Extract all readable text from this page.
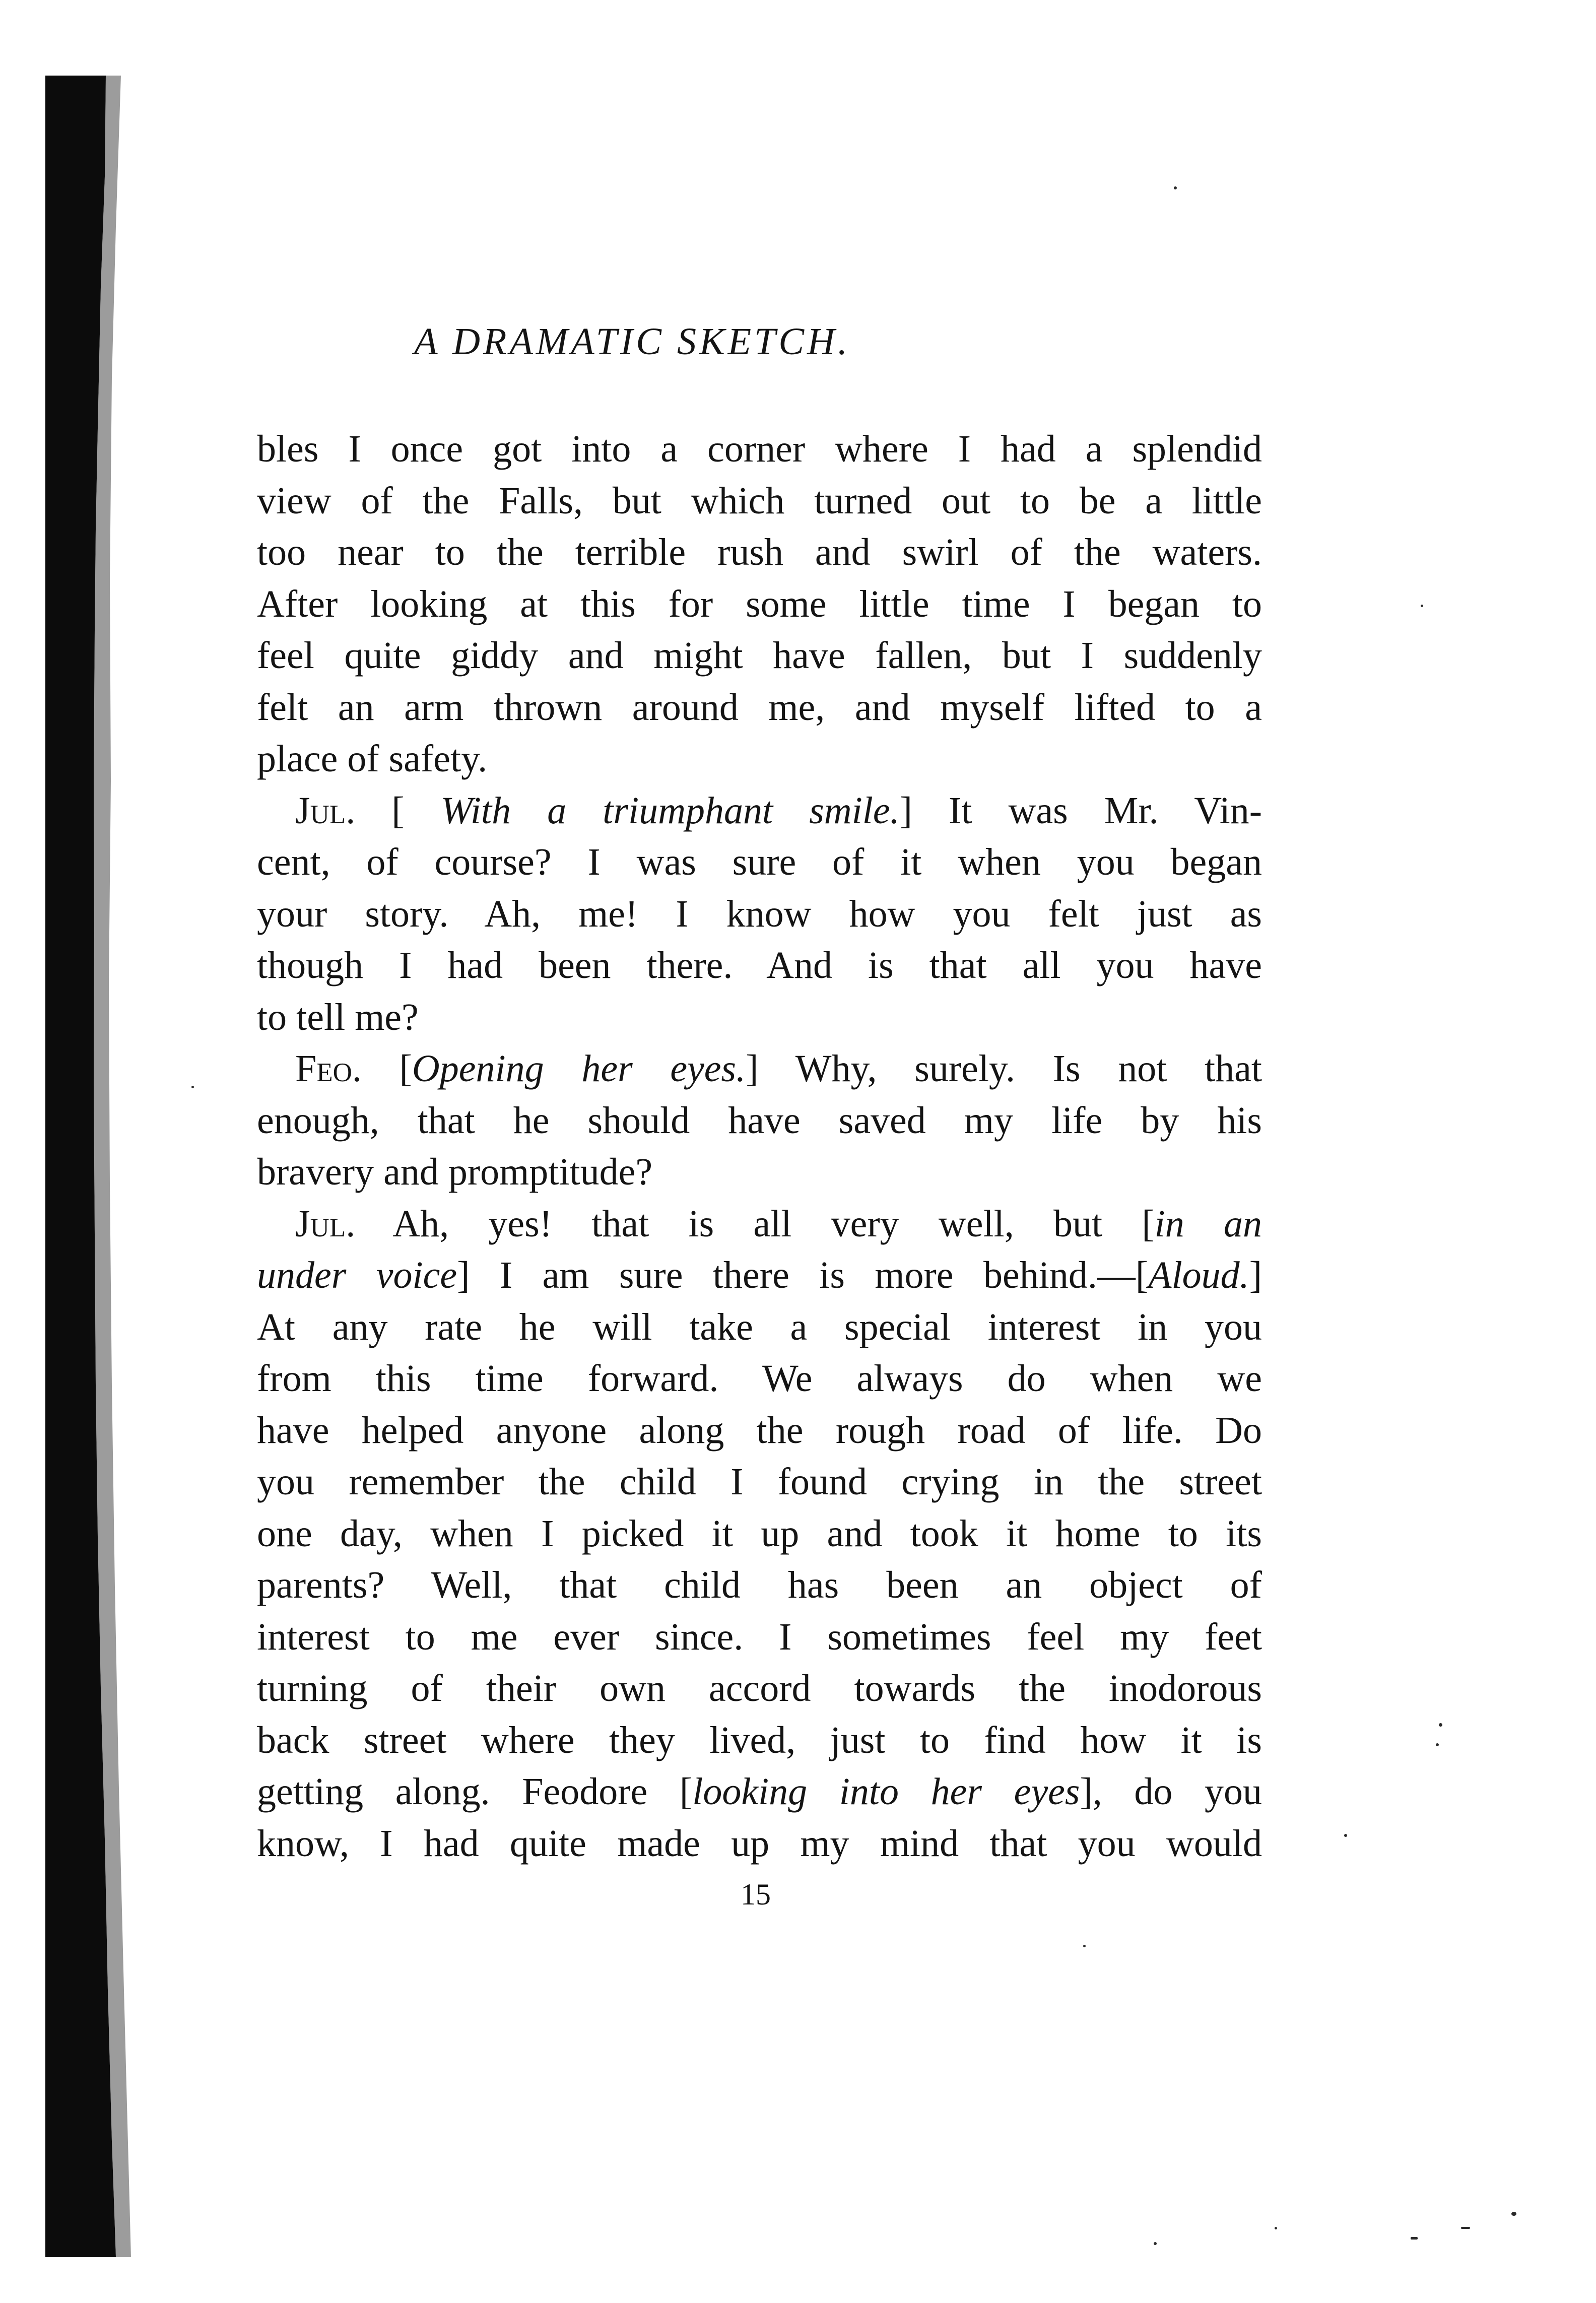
A DRAMATIC SKETCH.
bles I once got into a corner where I had a splendid
view of the Falls, but which turned out to be a little
too near to the terrible rush and swirl of the waters.
After looking at this for some little time I began to
feel quite giddy and might have fallen, but I suddenly
felt an arm thrown around me, and myself lifted to a
place of safety.
Jul. [ With a triumphant smile.] It was Mr. Vin-
cent, of course? I was sure of it when you began
your story. Ah, me! I know how you felt just as
though I had been there. And is that all you have
to tell me?
Feo. [Opening her eyes.] Why, surely. Is not that
enough, that he should have saved my life by his
bravery and promptitude?
Jul. Ah, yes! that is all very well, but [in an
under voice] I am sure there is more behind.—[Aloud.]
At any rate he will take a special interest in you
from this time forward. We always do when we
have helped anyone along the rough road of life. Do
you remember the child I found crying in the street
one day, when I picked it up and took it home to its
parents? Well, that child has been an object of
interest to me ever since. I sometimes feel my feet
turning of their own accord towards the inodorous
back street where they lived, just to find how it is
getting along. Feodore [looking into her eyes], do you
know, I had quite made up my mind that you would
15
